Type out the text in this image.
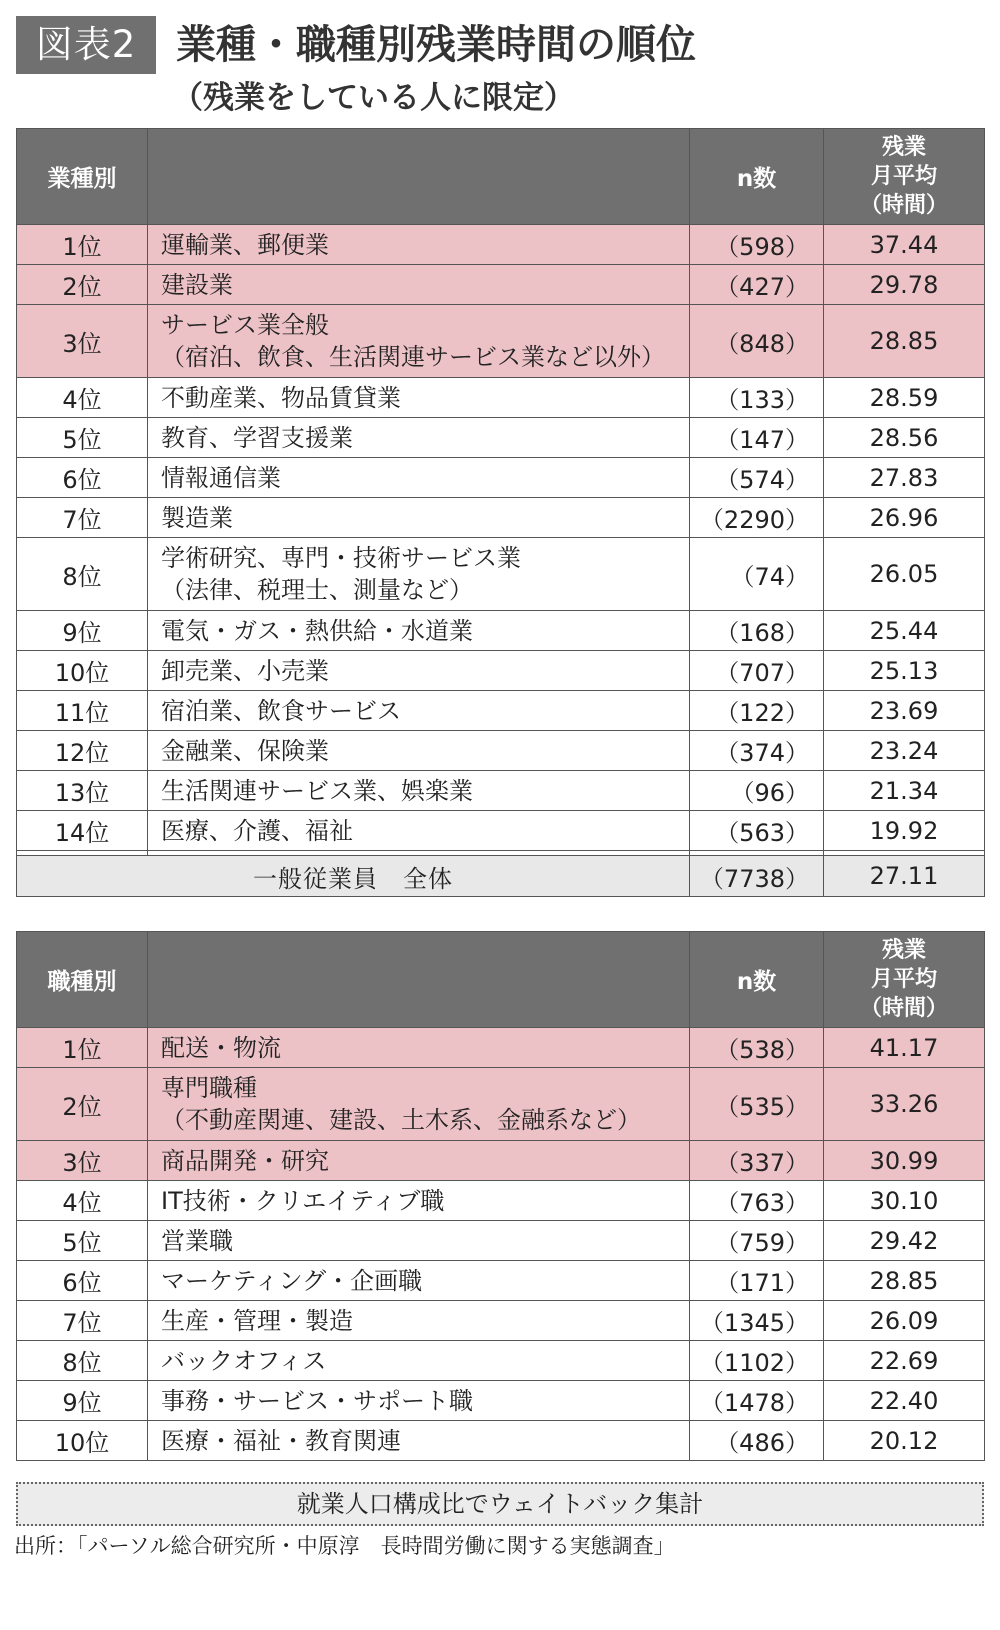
図表2 業種・職種別残業時間の順位
（残業をしている人に限定）
業種別		n数	残業
月平均
（時間）

1位	運輸業、郵便業	（598）	37.44
2位	建設業	（427）	29.78
3位	サービス業全般
（宿泊、飲食、生活関連サービス業など以外）	（848）	28.85
4位	不動産業、物品賃貸業	（133）	28.59
5位	教育、学習支援業	（147）	28.56
6位	情報通信業	（574）	27.83
7位	製造業	（2290）	26.96
8位	学術研究、専門・技術サービス業
（法律、税理士、測量など）	（74）	26.05
9位	電気・ガス・熱供給・水道業	（168）	25.44
10位	卸売業、小売業	（707）	25.13
11位	宿泊業、飲食サービス	（122）	23.69
12位	金融業、保険業	（374）	23.24
13位	生活関連サービス業、娯楽業	（96）	21.34
14位	医療、介護、福祉	（563）	19.92

一般従業員　全体		（7738）	27.11
職種別		n数	残業
月平均
（時間）

1位	配送・物流	（538）	41.17
2位	専門職種
（不動産関連、建設、土木系、金融系など）	（535）	33.26
3位	商品開発・研究	（337）	30.99
4位	IT技術・クリエイティブ職	（763）	30.10
5位	営業職	（759）	29.42
6位	マーケティング・企画職	（171）	28.85
7位	生産・管理・製造	（1345）	26.09
8位	バックオフィス	（1102）	22.69
9位	事務・サービス・サポート職	（1478）	22.40
10位	医療・福祉・教育関連	（486）	20.12
就業人口構成比でウェイトバック集計
出所：「パーソル総合研究所・中原淳　長時間労働に関する実態調査」
